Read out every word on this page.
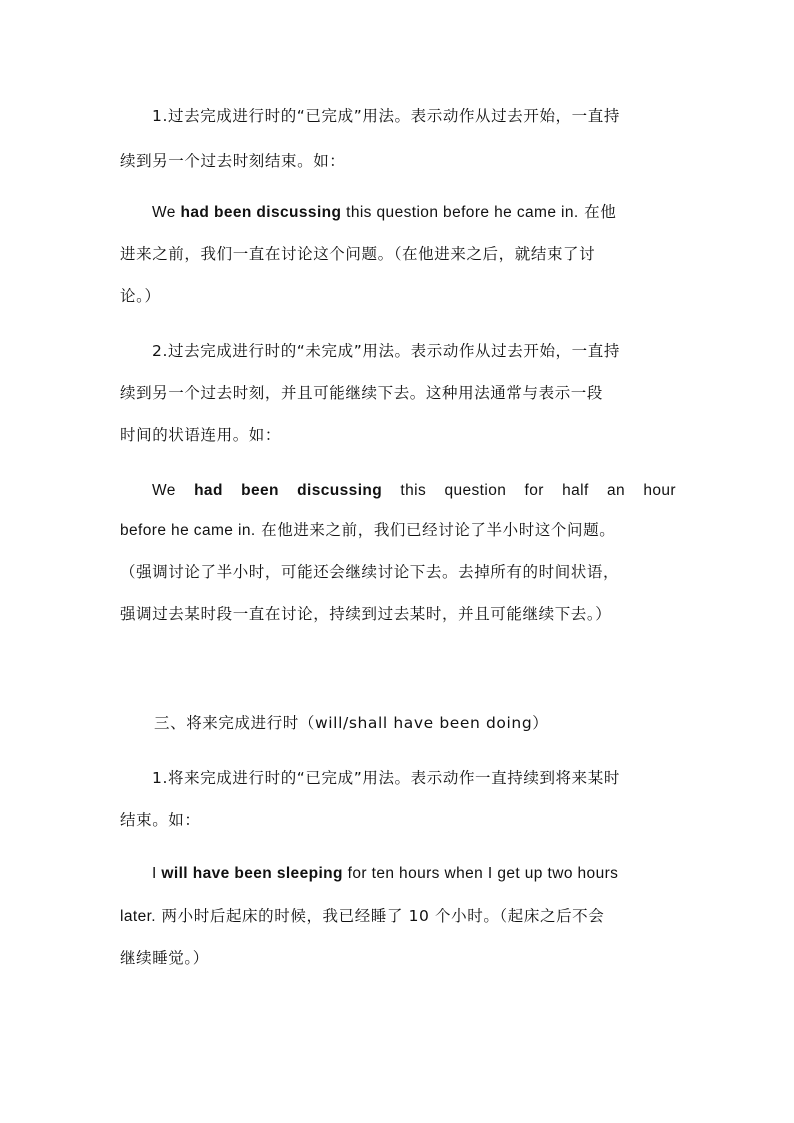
1.过去完成进行时的“已完成”用法。表示动作从过去开始，一直持
续到另一个过去时刻结束。如：
We had been discussing this question before he came in. 在他
进来之前，我们一直在讨论这个问题。（在他进来之后，就结束了讨
论。）
2.过去完成进行时的“未完成”用法。表示动作从过去开始，一直持
续到另一个过去时刻，并且可能继续下去。这种用法通常与表示一段
时间的状语连用。如：
We had been discussing this question for half an hour
before he came in. 在他进来之前，我们已经讨论了半小时这个问题。
（强调讨论了半小时，可能还会继续讨论下去。去掉所有的时间状语，
强调过去某时段一直在讨论，持续到过去某时，并且可能继续下去。）
三、将来完成进行时（will/shall have been doing）
1.将来完成进行时的“已完成”用法。表示动作一直持续到将来某时
结束。如：
I will have been sleeping for ten hours when I get up two hours
later. 两小时后起床的时候，我已经睡了 10 个小时。（起床之后不会
继续睡觉。）
